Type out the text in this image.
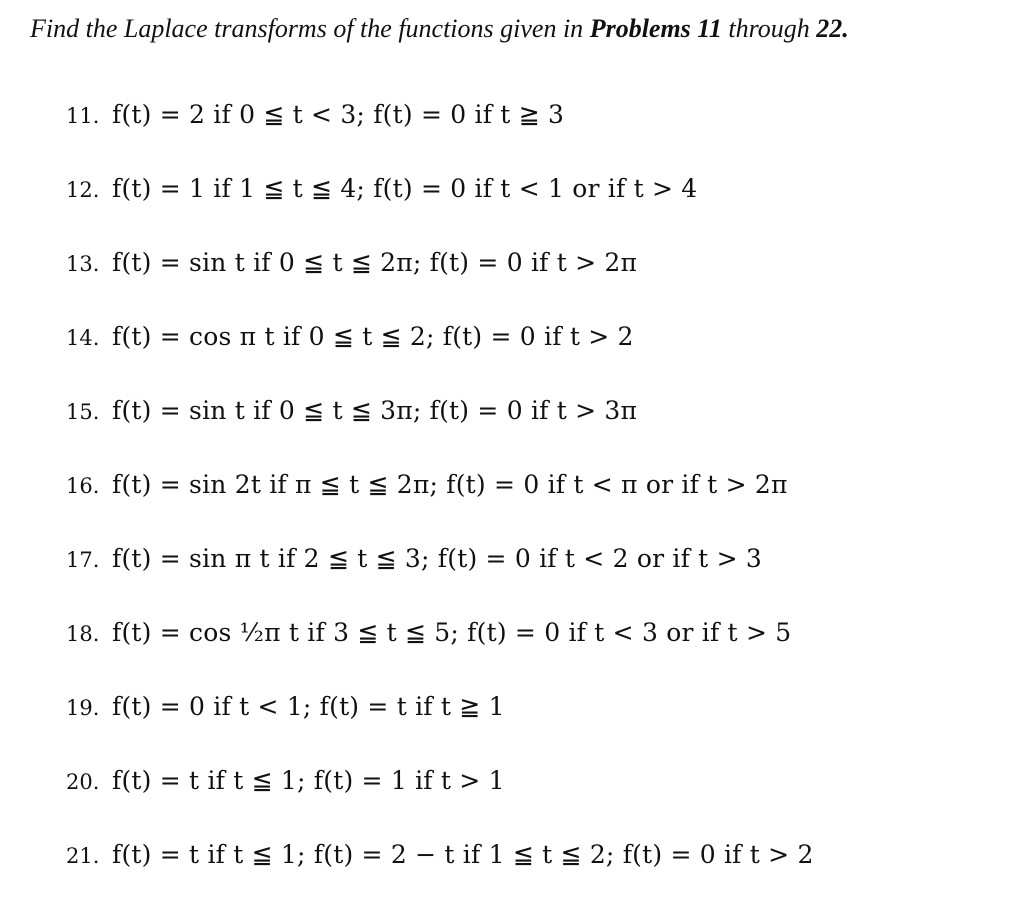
Find the Laplace transforms of the functions given in Problems 11 through 22.
11. f(t) = 2 if 0 ≦ t < 3; f(t) = 0 if t ≧ 3
12. f(t) = 1 if 1 ≦ t ≦ 4; f(t) = 0 if t < 1 or if t > 4
13. f(t) = sin t if 0 ≦ t ≦ 2π; f(t) = 0 if t > 2π
14. f(t) = cos π t if 0 ≦ t ≦ 2; f(t) = 0 if t > 2
15. f(t) = sin t if 0 ≦ t ≦ 3π; f(t) = 0 if t > 3π
16. f(t) = sin 2t if π ≦ t ≦ 2π; f(t) = 0 if t < π or if t > 2π
17. f(t) = sin π t if 2 ≦ t ≦ 3; f(t) = 0 if t < 2 or if t > 3
18. f(t) = cos ½π t if 3 ≦ t ≦ 5; f(t) = 0 if t < 3 or if t > 5
19. f(t) = 0 if t < 1; f(t) = t if t ≧ 1
20. f(t) = t if t ≦ 1; f(t) = 1 if t > 1
21. f(t) = t if t ≦ 1; f(t) = 2 − t if 1 ≦ t ≦ 2; f(t) = 0 if t > 2
